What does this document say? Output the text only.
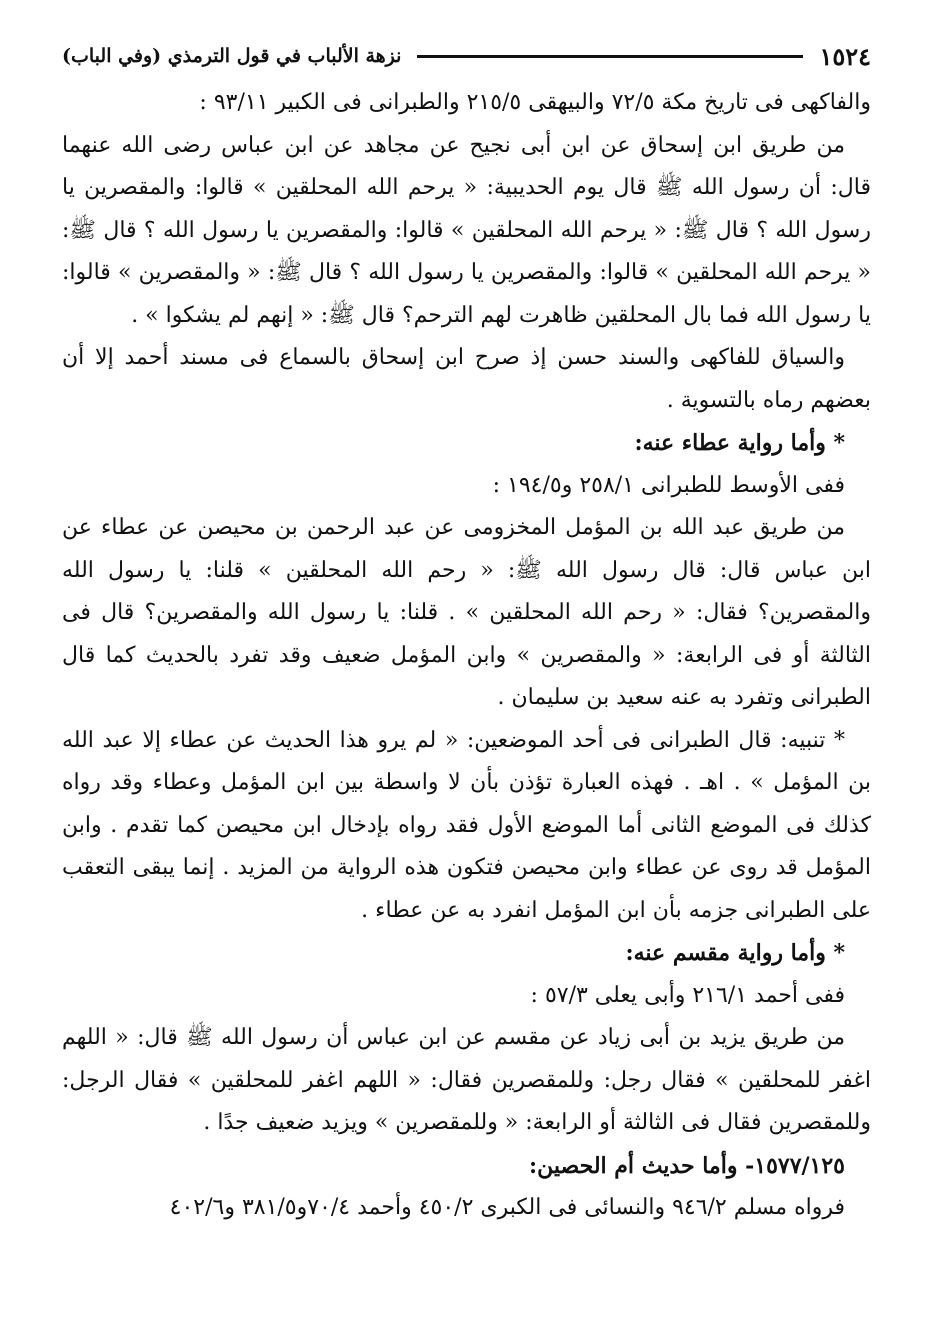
١٥٢٤
نزهة الألباب في قول الترمذي (وفي الباب)

والفاكهى فى تاريخ مكة ٧٢/٥ والبيهقى ٢١٥/٥ والطبرانى فى الكبير ٩٣/١١ :

من طريق ابن إسحاق عن ابن أبى نجيح عن مجاهد عن ابن عباس رضى الله عنهما قال: أن رسول الله ﷺ قال يوم الحديبية: « يرحم الله المحلقين » قالوا: والمقصرين يا رسول الله ؟ قال ﷺ: « يرحم الله المحلقين » قالوا: والمقصرين يا رسول الله ؟ قال ﷺ: « يرحم الله المحلقين » قالوا: والمقصرين يا رسول الله ؟ قال ﷺ: « والمقصرين » قالوا: يا رسول الله فما بال المحلقين ظاهرت لهم الترحم؟ قال ﷺ: « إنهم لم يشكوا » .

والسياق للفاكهى والسند حسن إذ صرح ابن إسحاق بالسماع فى مسند أحمد إلا أن بعضهم رماه بالتسوية .

* وأما رواية عطاء عنه:

ففى الأوسط للطبرانى ٢٥٨/١ و١٩٤/٥ :

من طريق عبد الله بن المؤمل المخزومى عن عبد الرحمن بن محيصن عن عطاء عن ابن عباس قال: قال رسول الله ﷺ: « رحم الله المحلقين » قلنا: يا رسول الله والمقصرين؟ فقال: « رحم الله المحلقين » . قلنا: يا رسول الله والمقصرين؟ قال فى الثالثة أو فى الرابعة: « والمقصرين » وابن المؤمل ضعيف وقد تفرد بالحديث كما قال الطبرانى وتفرد به عنه سعيد بن سليمان .

* تنبيه: قال الطبرانى فى أحد الموضعين: « لم يرو هذا الحديث عن عطاء إلا عبد الله بن المؤمل » . اهـ . فهذه العبارة تؤذن بأن لا واسطة بين ابن المؤمل وعطاء وقد رواه كذلك فى الموضع الثانى أما الموضع الأول فقد رواه بإدخال ابن محيصن كما تقدم . وابن المؤمل قد روى عن عطاء وابن محيصن فتكون هذه الرواية من المزيد . إنما يبقى التعقب على الطبرانى جزمه بأن ابن المؤمل انفرد به عن عطاء .

* وأما رواية مقسم عنه:

ففى أحمد ٢١٦/١ وأبى يعلى ٥٧/٣ :

من طريق يزيد بن أبى زياد عن مقسم عن ابن عباس أن رسول الله ﷺ قال: « اللهم اغفر للمحلقين » فقال رجل: وللمقصرين فقال: « اللهم اغفر للمحلقين » فقال الرجل: وللمقصرين فقال فى الثالثة أو الرابعة: « وللمقصرين » ويزيد ضعيف جدًا .

١٥٧٧/١٢٥- وأما حديث أم الحصين:

فرواه مسلم ٩٤٦/٢ والنسائى فى الكبرى ٤٥٠/٢ وأحمد ٧٠/٤و٣٨١/٥ و٤٠٢/٦
